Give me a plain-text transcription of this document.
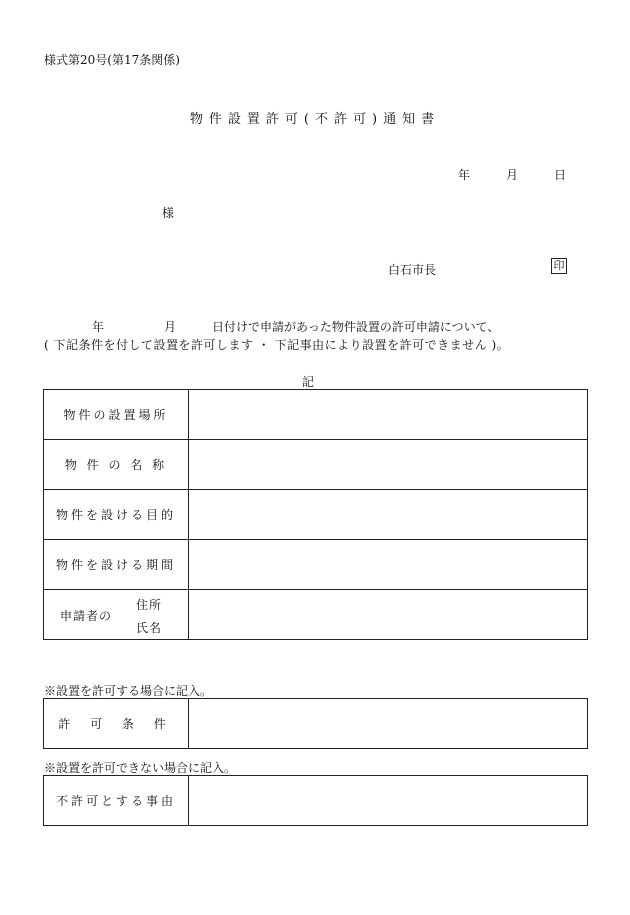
様式第20号(第17条関係)
物件設置許可(不許可)通知書
年	月	日
様
白石市長	印
年	月	日付けで申請があった物件設置の許可申請について、
( 下記条件を付して設置を許可します ・ 下記事由により設置を許可できません )。
記
物件の設置場所	
物 件 の 名 称	
物件を設ける目的	
物件を設ける期間	

申請者の
住所
氏名	

※設置を許可する場合に記入。
許 可 条 件	
※設置を許可できない場合に記入。
不許可とする事由	
